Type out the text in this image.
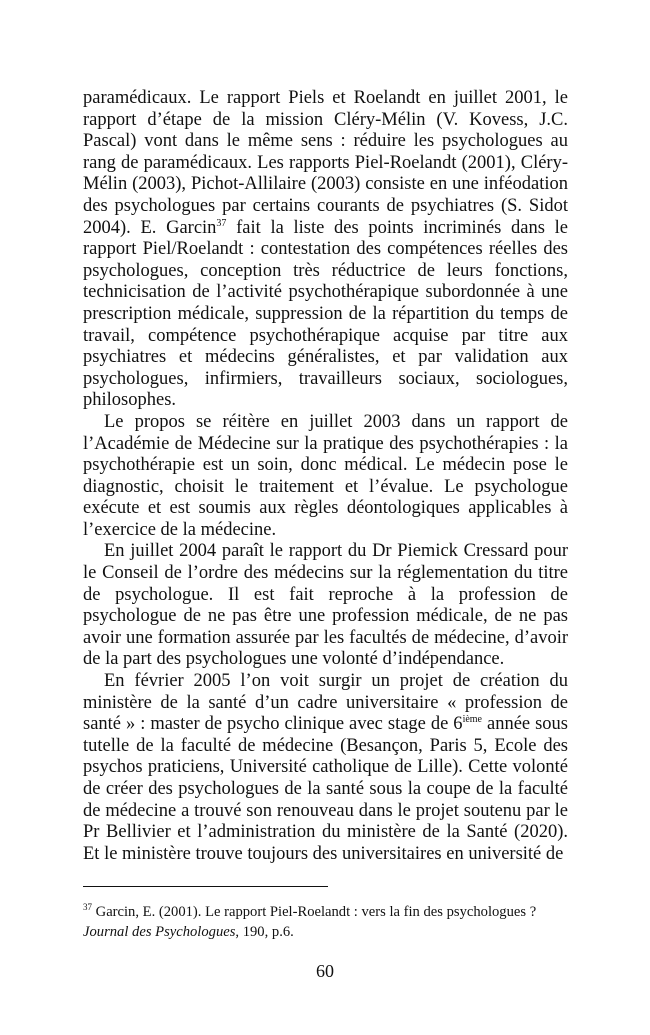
paramédicaux. Le rapport Piels et Roelandt en juillet 2001, le rapport d’étape de la mission Cléry-Mélin (V. Kovess, J.C. Pascal) vont dans le même sens : réduire les psychologues au rang de paramédicaux. Les rapports Piel-Roelandt (2001), Cléry-Mélin (2003), Pichot-Allilaire (2003) consiste en une inféodation des psychologues par certains courants de psychiatres (S. Sidot 2004). E. Garcin$^{37}$ fait la liste des points incriminés dans le rapport Piel/Roelandt : contestation des compétences réelles des psychologues, conception très réductrice de leurs fonctions, technicisation de l’activité psychothérapique subordonnée à une prescription médicale, suppression de la répartition du temps de travail, compétence psychothérapique acquise par titre aux psychiatres et médecins généralistes, et par validation aux psychologues, infirmiers, travailleurs sociaux, sociologues, philosophes.

Le propos se réitère en juillet 2003 dans un rapport de l’Académie de Médecine sur la pratique des psychothérapies : la psychothérapie est un soin, donc médical. Le médecin pose le diagnostic, choisit le traitement et l’évalue. Le psychologue exécute et est soumis aux règles déontologiques applicables à l’exercice de la médecine.

En juillet 2004 paraît le rapport du Dr Piemick Cressard pour le Conseil de l’ordre des médecins sur la réglementation du titre de psychologue. Il est fait reproche à la profession de psychologue de ne pas être une profession médicale, de ne pas avoir une formation assurée par les facultés de médecine, d’avoir de la part des psychologues une volonté d’indépendance.

En février 2005 l’on voit surgir un projet de création du ministère de la santé d’un cadre universitaire « profession de santé » : master de psycho clinique avec stage de 6ième année sous tutelle de la faculté de médecine (Besançon, Paris 5, Ecole des psychos praticiens, Université catholique de Lille). Cette volonté de créer des psychologues de la santé sous la coupe de la faculté de médecine a trouvé son renouveau dans le projet soutenu par le Pr Bellivier et l’administration du ministère de la Santé (2020). Et le ministère trouve toujours des universitaires en université de

$^{37}$ Garcin, E. (2001). Le rapport Piel-Roelandt : vers la fin des psychologues ? Journal des Psychologues, 190, p.6.
60
